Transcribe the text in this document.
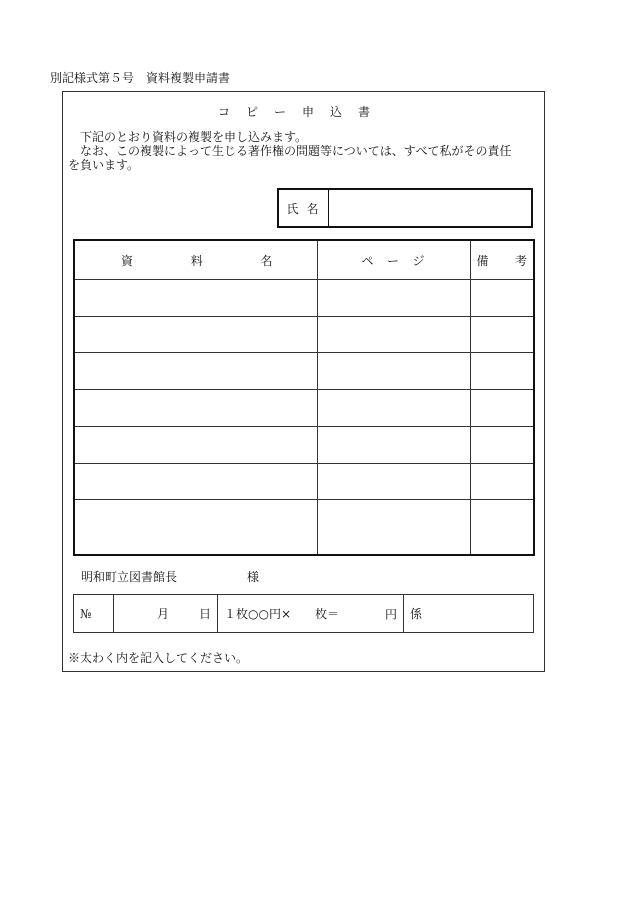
別記様式第５号　資料複製申請書
コ ピ ー 申 込 書

下記のとおり資料の複製を申し込みます。

なお、この複製によって生じる著作権の問題等については、すべて私がその責任

を負います。

氏名
資 料 名	ペ ー ジ	備 考

明和町立図書館長	様
№	月	日	１枚○○円×　　枚＝	円	係
※太わく内を記入してください。
